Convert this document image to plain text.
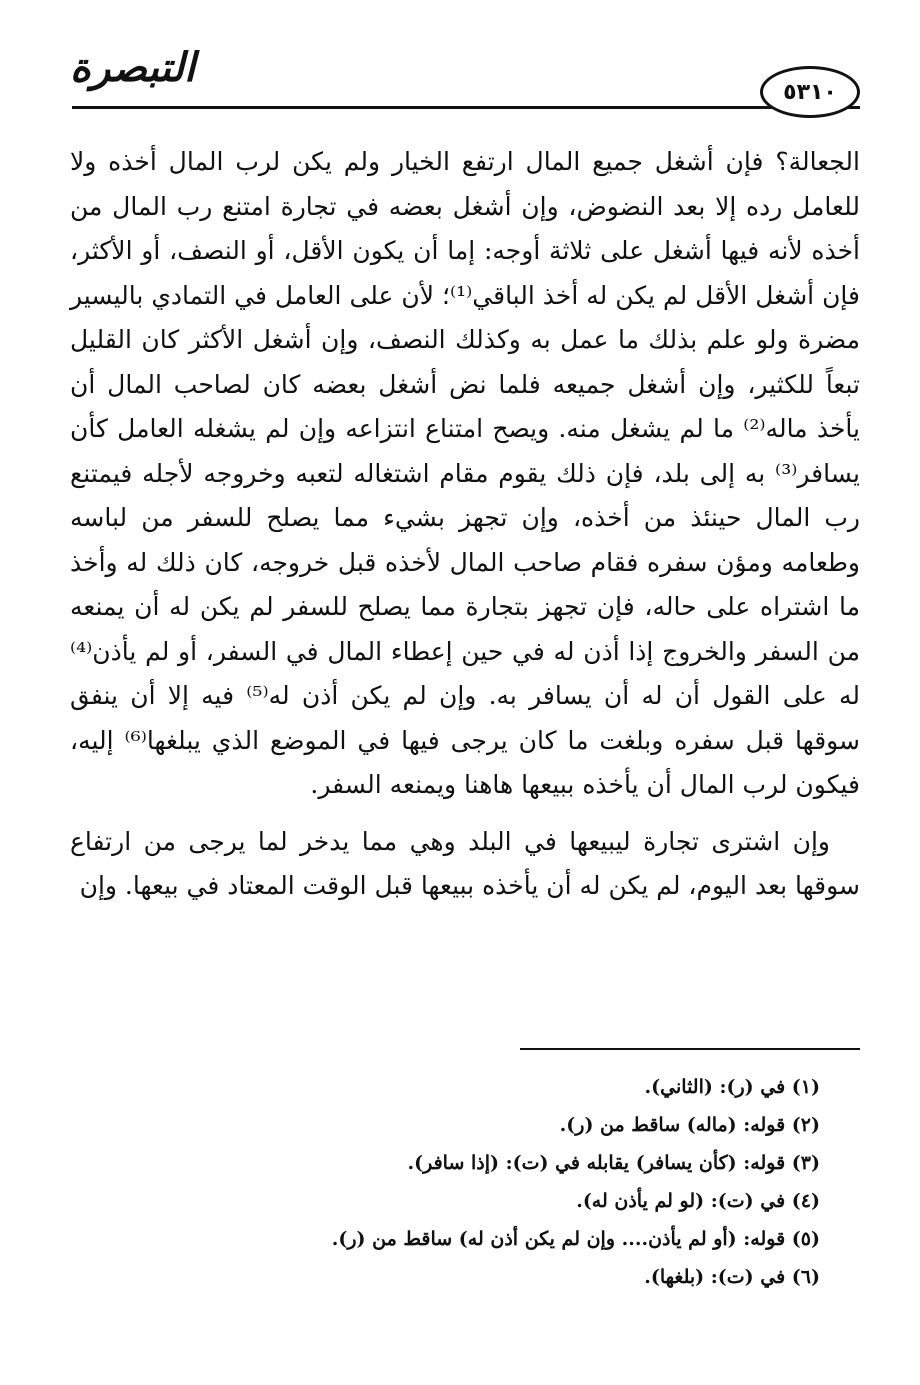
التبصرة
٥٣١٠

الجعالة؟ فإن أشغل جميع المال ارتفع الخيار ولم يكن لرب المال أخذه ولا للعامل رده إلا بعد النضوض، وإن أشغل بعضه في تجارة امتنع رب المال من أخذه لأنه فيها أشغل على ثلاثة أوجه: إما أن يكون الأقل، أو النصف، أو الأكثر، فإن أشغل الأقل لم يكن له أخذ الباقي⁽¹⁾؛ لأن على العامل في التمادي باليسير مضرة ولو علم بذلك ما عمل به وكذلك النصف، وإن أشغل الأكثر كان القليل تبعاً للكثير، وإن أشغل جميعه فلما نض أشغل بعضه كان لصاحب المال أن يأخذ ماله⁽²⁾ ما لم يشغل منه. ويصح امتناع انتزاعه وإن لم يشغله العامل كأن يسافر⁽³⁾ به إلى بلد، فإن ذلك يقوم مقام اشتغاله لتعبه وخروجه لأجله فيمتنع رب المال حينئذ من أخذه، وإن تجهز بشيء مما يصلح للسفر من لباسه وطعامه ومؤن سفره فقام صاحب المال لأخذه قبل خروجه، كان ذلك له وأخذ ما اشتراه على حاله، فإن تجهز بتجارة مما يصلح للسفر لم يكن له أن يمنعه من السفر والخروج إذا أذن له في حين إعطاء المال في السفر، أو لم يأذن⁽⁴⁾ له على القول أن له أن يسافر به. وإن لم يكن أذن له⁽⁵⁾ فيه إلا أن ينفق سوقها قبل سفره وبلغت ما كان يرجى فيها في الموضع الذي يبلغها⁽⁶⁾ إليه، فيكون لرب المال أن يأخذه ببيعها هاهنا ويمنعه السفر.

وإن اشترى تجارة ليبيعها في البلد وهي مما يدخر لما يرجى من ارتفاع سوقها بعد اليوم، لم يكن له أن يأخذه ببيعها قبل الوقت المعتاد في بيعها. وإن

(١) في (ر): (الثاني).

(٢) قوله: (ماله) ساقط من (ر).

(٣) قوله: (كأن يسافر) يقابله في (ت): (إذا سافر).

(٤) في (ت): (لو لم يأذن له).

(٥) قوله: (أو لم يأذن.... وإن لم يكن أذن له) ساقط من (ر).

(٦) في (ت): (بلغها).
